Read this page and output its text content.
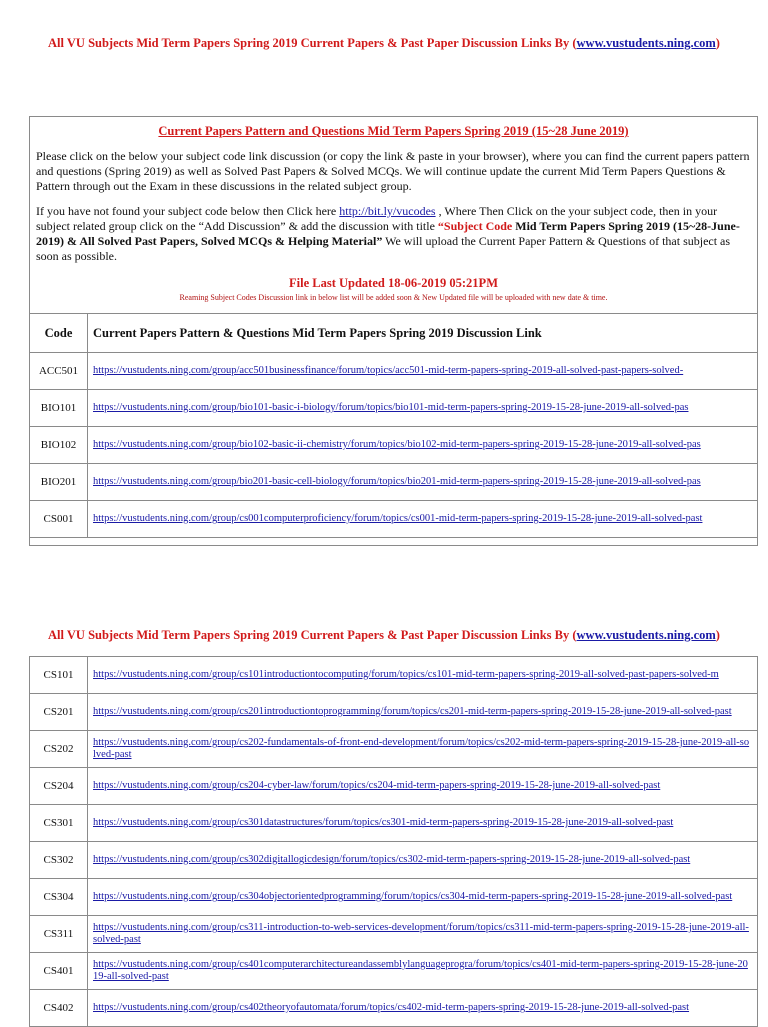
All VU Subjects Mid Term Papers Spring 2019 Current Papers & Past Paper Discussion Links By (www.vustudents.ning.com)
Current Papers Pattern and Questions Mid Term Papers Spring 2019 (15~28 June 2019)

Please click on the below your subject code link discussion (or copy the link & paste in your browser), where you can find the current papers pattern and questions (Spring 2019) as well as Solved Past Papers & Solved MCQs. We will continue update the current Mid Term Papers Questions & Pattern through out the Exam in these discussions in the related subject group.

If you have not found your subject code below then Click here http://bit.ly/vucodes , Where Then Click on the your subject code, then in your subject related group click on the “Add Discussion” & add the discussion with title “Subject Code Mid Term Papers Spring 2019 (15~28-June-2019) & All Solved Past Papers, Solved MCQs & Helping Material” We will upload the Current Paper Pattern & Questions of that subject as soon as possible.

File Last Updated 18-06-2019 05:21PM
Reaming Subject Codes Discussion link in below list will be added soon & New Updated file will be uploaded with new date & time.
Code	Current Papers Pattern & Questions Mid Term Papers Spring 2019 Discussion Link
ACC501	https://vustudents.ning.com/group/acc501businessfinance/forum/topics/acc501-mid-term-papers-spring-2019-all-solved-past-papers-solved-
BIO101	https://vustudents.ning.com/group/bio101-basic-i-biology/forum/topics/bio101-mid-term-papers-spring-2019-15-28-june-2019-all-solved-pas
BIO102	https://vustudents.ning.com/group/bio102-basic-ii-chemistry/forum/topics/bio102-mid-term-papers-spring-2019-15-28-june-2019-all-solved-pas
BIO201	https://vustudents.ning.com/group/bio201-basic-cell-biology/forum/topics/bio201-mid-term-papers-spring-2019-15-28-june-2019-all-solved-pas
CS001	https://vustudents.ning.com/group/cs001computerproficiency/forum/topics/cs001-mid-term-papers-spring-2019-15-28-june-2019-all-solved-past
All VU Subjects Mid Term Papers Spring 2019 Current Papers & Past Paper Discussion Links By (www.vustudents.ning.com)
CS101	https://vustudents.ning.com/group/cs101introductiontocomputing/forum/topics/cs101-mid-term-papers-spring-2019-all-solved-past-papers-solved-m
CS201	https://vustudents.ning.com/group/cs201introductiontoprogramming/forum/topics/cs201-mid-term-papers-spring-2019-15-28-june-2019-all-solved-past
CS202	https://vustudents.ning.com/group/cs202-fundamentals-of-front-end-development/forum/topics/cs202-mid-term-papers-spring-2019-15-28-june-2019-all-solved-past
CS204	https://vustudents.ning.com/group/cs204-cyber-law/forum/topics/cs204-mid-term-papers-spring-2019-15-28-june-2019-all-solved-past
CS301	https://vustudents.ning.com/group/cs301datastructures/forum/topics/cs301-mid-term-papers-spring-2019-15-28-june-2019-all-solved-past
CS302	https://vustudents.ning.com/group/cs302digitallogicdesign/forum/topics/cs302-mid-term-papers-spring-2019-15-28-june-2019-all-solved-past
CS304	https://vustudents.ning.com/group/cs304objectorientedprogramming/forum/topics/cs304-mid-term-papers-spring-2019-15-28-june-2019-all-solved-past
CS311	https://vustudents.ning.com/group/cs311-introduction-to-web-services-development/forum/topics/cs311-mid-term-papers-spring-2019-15-28-june-2019-all-solved-past
CS401	https://vustudents.ning.com/group/cs401computerarchitectureandassemblylanguageprogra/forum/topics/cs401-mid-term-papers-spring-2019-15-28-june-2019-all-solved-past
CS402	https://vustudents.ning.com/group/cs402theoryofautomata/forum/topics/cs402-mid-term-papers-spring-2019-15-28-june-2019-all-solved-past
